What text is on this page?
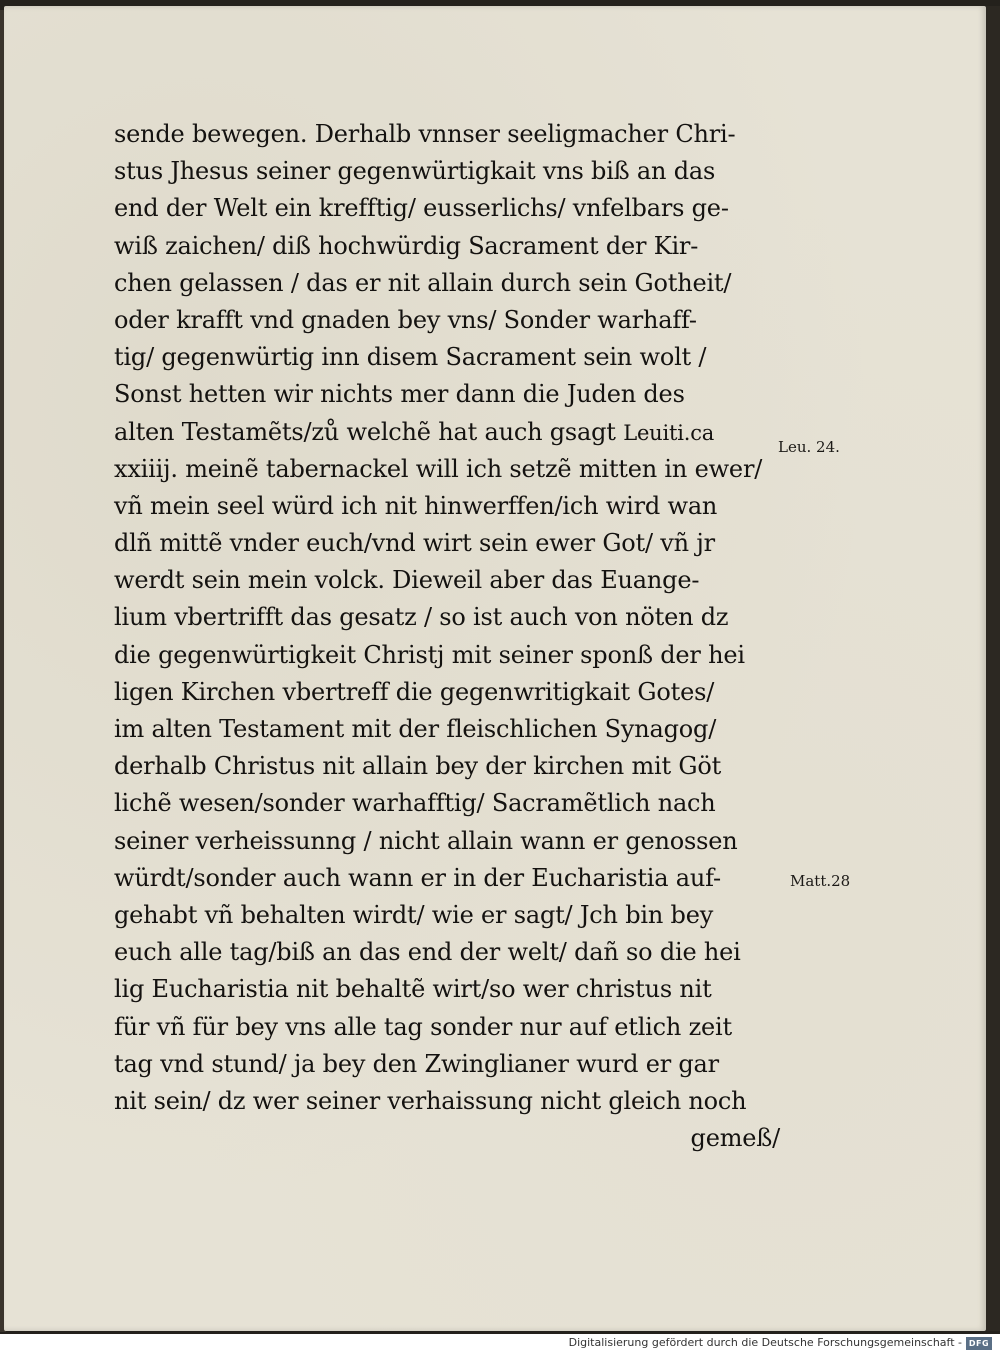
sende bewegen. Derhalb vnnser seeligmacher Chri-
stus Jhesus seiner gegenwürtigkait vns biß an das
end der Welt ein krefftig/ eusserlichs/ vnfelbars ge-
wiß zaichen/ diß hochwürdig Sacrament der Kir-
chen gelassen / das er nit allain durch sein Gotheit/
oder krafft vnd gnaden bey vns/ Sonder warhaff-
tig/ gegenwürtig inn disem Sacrament sein wolt /
Sonst hetten wir nichts mer dann die Juden des
alten Testamẽts/zů welchẽ hat auch gsagt Leuiti.ca
xxiiij. meinẽ tabernackel will ich setzẽ mitten in ewer/
vñ mein seel würd ich nit hinwerffen/ich wird wan
dlñ mittẽ vnder euch/vnd wirt sein ewer Got/ vñ jr
werdt sein mein volck. Dieweil aber das Euange-
lium vbertrifft das gesatz / so ist auch von nöten dz
die gegenwürtigkeit Christj mit seiner sponß der hei
ligen Kirchen vbertreff die gegenwritigkait Gotes/
im alten Testament mit der fleischlichen Synagog/
derhalb Christus nit allain bey der kirchen mit Göt
lichẽ wesen/sonder warhafftig/ Sacramẽtlich nach
seiner verheissunng / nicht allain wann er genossen
würdt/sonder auch wann er in der Eucharistia auf-
gehabt vñ behalten wirdt/ wie er sagt/ Jch bin bey
euch alle tag/biß an das end der welt/ dañ so die hei
lig Eucharistia nit behaltẽ wirt/so wer christus nit
für vñ für bey vns alle tag sonder nur auf etlich zeit
tag vnd stund/ ja bey den Zwinglianer wurd er gar
nit sein/ dz wer seiner verhaissung nicht gleich noch
gemeß/
Leu. 24.
Matt.28
Digitalisierung gefördert durch die Deutsche Forschungsgemeinschaft - DFG
